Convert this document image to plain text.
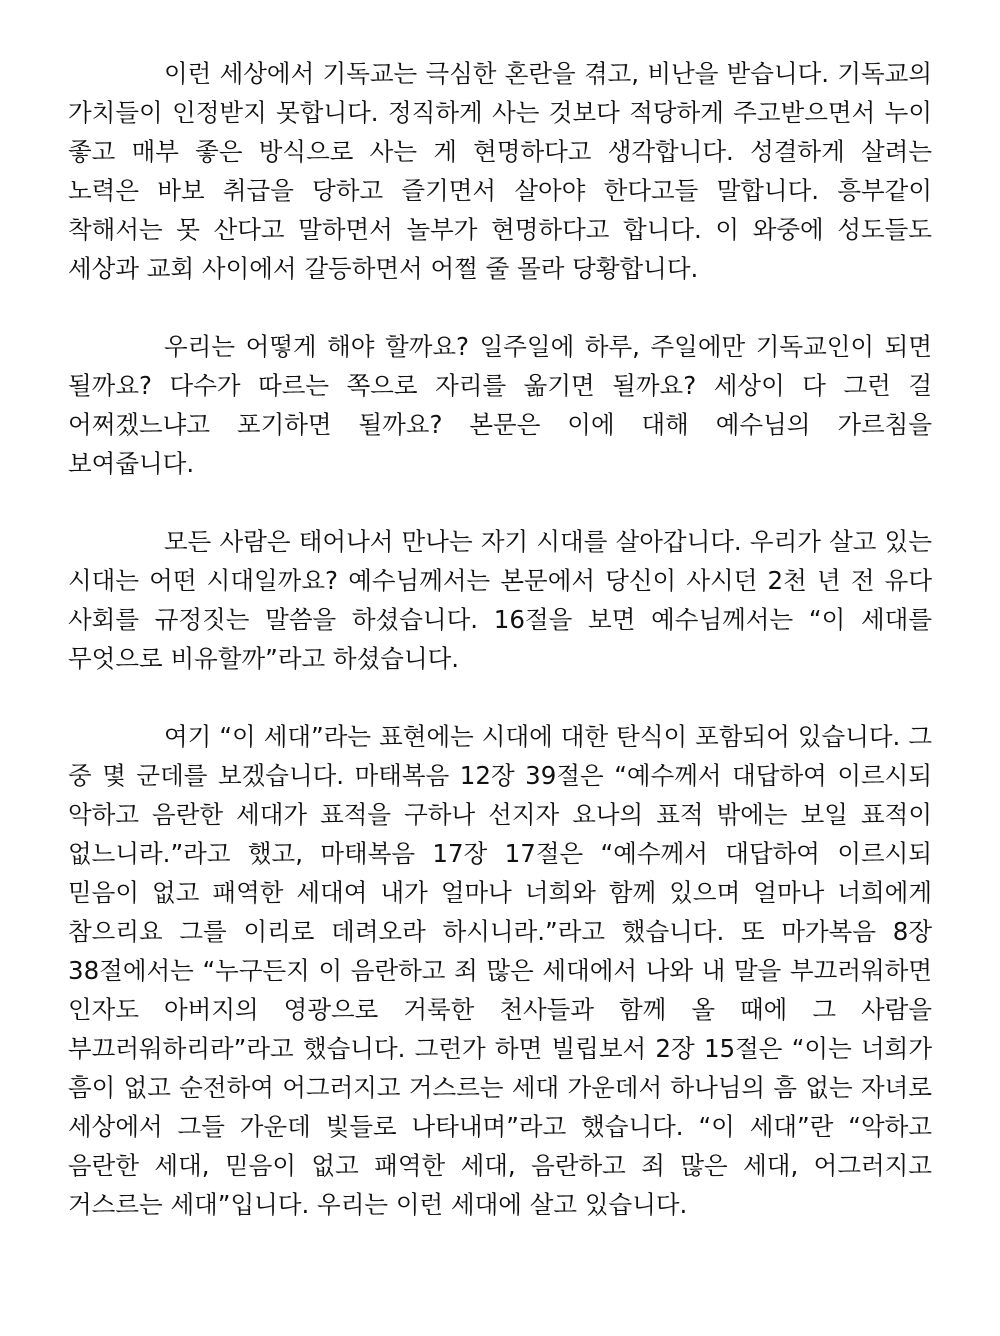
이런 세상에서 기독교는 극심한 혼란을 겪고, 비난을 받습니다. 기독교의 가치들이 인정받지 못합니다. 정직하게 사는 것보다 적당하게 주고받으면서 누이 좋고 매부 좋은 방식으로 사는 게 현명하다고 생각합니다. 성결하게 살려는 노력은 바보 취급을 당하고 즐기면서 살아야 한다고들 말합니다. 흥부같이 착해서는 못 산다고 말하면서 놀부가 현명하다고 합니다. 이 와중에 성도들도 세상과 교회 사이에서 갈등하면서 어쩔 줄 몰라 당황합니다.

우리는 어떻게 해야 할까요? 일주일에 하루, 주일에만 기독교인이 되면 될까요? 다수가 따르는 쪽으로 자리를 옮기면 될까요? 세상이 다 그런 걸 어쩌겠느냐고 포기하면 될까요? 본문은 이에 대해 예수님의 가르침을 보여줍니다.

모든 사람은 태어나서 만나는 자기 시대를 살아갑니다. 우리가 살고 있는 시대는 어떤 시대일까요? 예수님께서는 본문에서 당신이 사시던 2천 년 전 유다 사회를 규정짓는 말씀을 하셨습니다. 16절을 보면 예수님께서는 “이 세대를 무엇으로 비유할까”라고 하셨습니다.

여기 “이 세대”라는 표현에는 시대에 대한 탄식이 포함되어 있습니다. 그 중 몇 군데를 보겠습니다. 마태복음 12장 39절은 “예수께서 대답하여 이르시되 악하고 음란한 세대가 표적을 구하나 선지자 요나의 표적 밖에는 보일 표적이 없느니라.”라고 했고, 마태복음 17장 17절은 “예수께서 대답하여 이르시되 믿음이 없고 패역한 세대여 내가 얼마나 너희와 함께 있으며 얼마나 너희에게 참으리요 그를 이리로 데려오라 하시니라.”라고 했습니다. 또 마가복음 8장 38절에서는 “누구든지 이 음란하고 죄 많은 세대에서 나와 내 말을 부끄러워하면 인자도 아버지의 영광으로 거룩한 천사들과 함께 올 때에 그 사람을 부끄러워하리라”라고 했습니다. 그런가 하면 빌립보서 2장 15절은 “이는 너희가 흠이 없고 순전하여 어그러지고 거스르는 세대 가운데서 하나님의 흠 없는 자녀로 세상에서 그들 가운데 빛들로 나타내며”라고 했습니다. “이 세대”란 “악하고 음란한 세대, 믿음이 없고 패역한 세대, 음란하고 죄 많은 세대, 어그러지고 거스르는 세대”입니다. 우리는 이런 세대에 살고 있습니다.
